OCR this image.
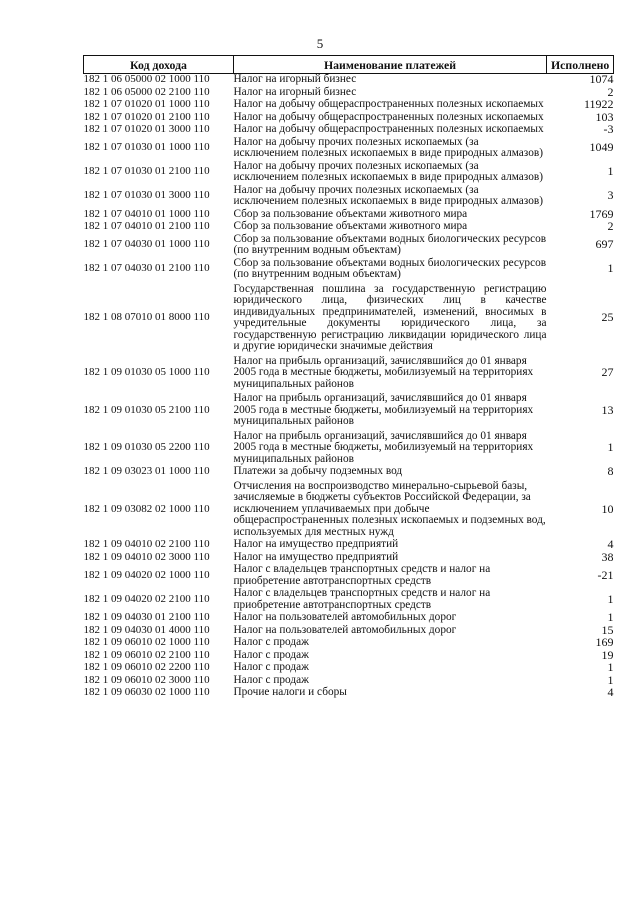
5
Код дохода	Наименование платежей	Исполнено
182 1 06 05000 02 1000 110	Налог на игорный бизнес	1074
182 1 06 05000 02 2100 110	Налог на игорный бизнес	2
182 1 07 01020 01 1000 110	Налог на добычу общераспространенных полезных ископаемых	11922
182 1 07 01020 01 2100 110	Налог на добычу общераспространенных полезных ископаемых	103
182 1 07 01020 01 3000 110	Налог на добычу общераспространенных полезных ископаемых	-3
182 1 07 01030 01 1000 110	Налог на добычу прочих полезных ископаемых (за исключением полезных ископаемых в виде природных алмазов)	1049
182 1 07 01030 01 2100 110	Налог на добычу прочих полезных ископаемых (за исключением полезных ископаемых в виде природных алмазов)	1
182 1 07 01030 01 3000 110	Налог на добычу прочих полезных ископаемых (за исключением полезных ископаемых в виде природных алмазов)	3
182 1 07 04010 01 1000 110	Сбор за пользование объектами животного мира	1769
182 1 07 04010 01 2100 110	Сбор за пользование объектами животного мира	2
182 1 07 04030 01 1000 110	Сбор за пользование объектами водных биологических ресурсов (по внутренним водным объектам)	697
182 1 07 04030 01 2100 110	Сбор за пользование объектами водных биологических ресурсов (по внутренним водным объектам)	1
182 1 08 07010 01 8000 110	Государственная пошлина за государственную регистрацию юридического лица, физических лиц в качестве индивидуальных предпринимателей, изменений, вносимых в учредительные документы юридического лица, за государственную регистрацию ликвидации юридического лица и другие юридически значимые действия	25
182 1 09 01030 05 1000 110	Налог на прибыль организаций, зачислявшийся до 01 января 2005 года в местные бюджеты, мобилизуемый на территориях муниципальных районов	27
182 1 09 01030 05 2100 110	Налог на прибыль организаций, зачислявшийся до 01 января 2005 года в местные бюджеты, мобилизуемый на территориях муниципальных районов	13
182 1 09 01030 05 2200 110	Налог на прибыль организаций, зачислявшийся до 01 января 2005 года в местные бюджеты, мобилизуемый на территориях муниципальных районов	1
182 1 09 03023 01 1000 110	Платежи за добычу подземных вод	8
182 1 09 03082 02 1000 110	Отчисления на воспроизводство минерально-сырьевой базы, зачисляемые в бюджеты субъектов Российской Федерации, за исключением уплачиваемых при добыче общераспространенных полезных ископаемых и подземных вод, используемых для местных нужд	10
182 1 09 04010 02 2100 110	Налог на имущество предприятий	4
182 1 09 04010 02 3000 110	Налог на имущество предприятий	38
182 1 09 04020 02 1000 110	Налог с владельцев транспортных средств и налог на приобретение автотранспортных средств	-21
182 1 09 04020 02 2100 110	Налог с владельцев транспортных средств и налог на приобретение автотранспортных средств	1
182 1 09 04030 01 2100 110	Налог на пользователей автомобильных дорог	1
182 1 09 04030 01 4000 110	Налог на пользователей автомобильных дорог	15
182 1 09 06010 02 1000 110	Налог с продаж	169
182 1 09 06010 02 2100 110	Налог с продаж	19
182 1 09 06010 02 2200 110	Налог с продаж	1
182 1 09 06010 02 3000 110	Налог с продаж	1
182 1 09 06030 02 1000 110	Прочие налоги и сборы	4
